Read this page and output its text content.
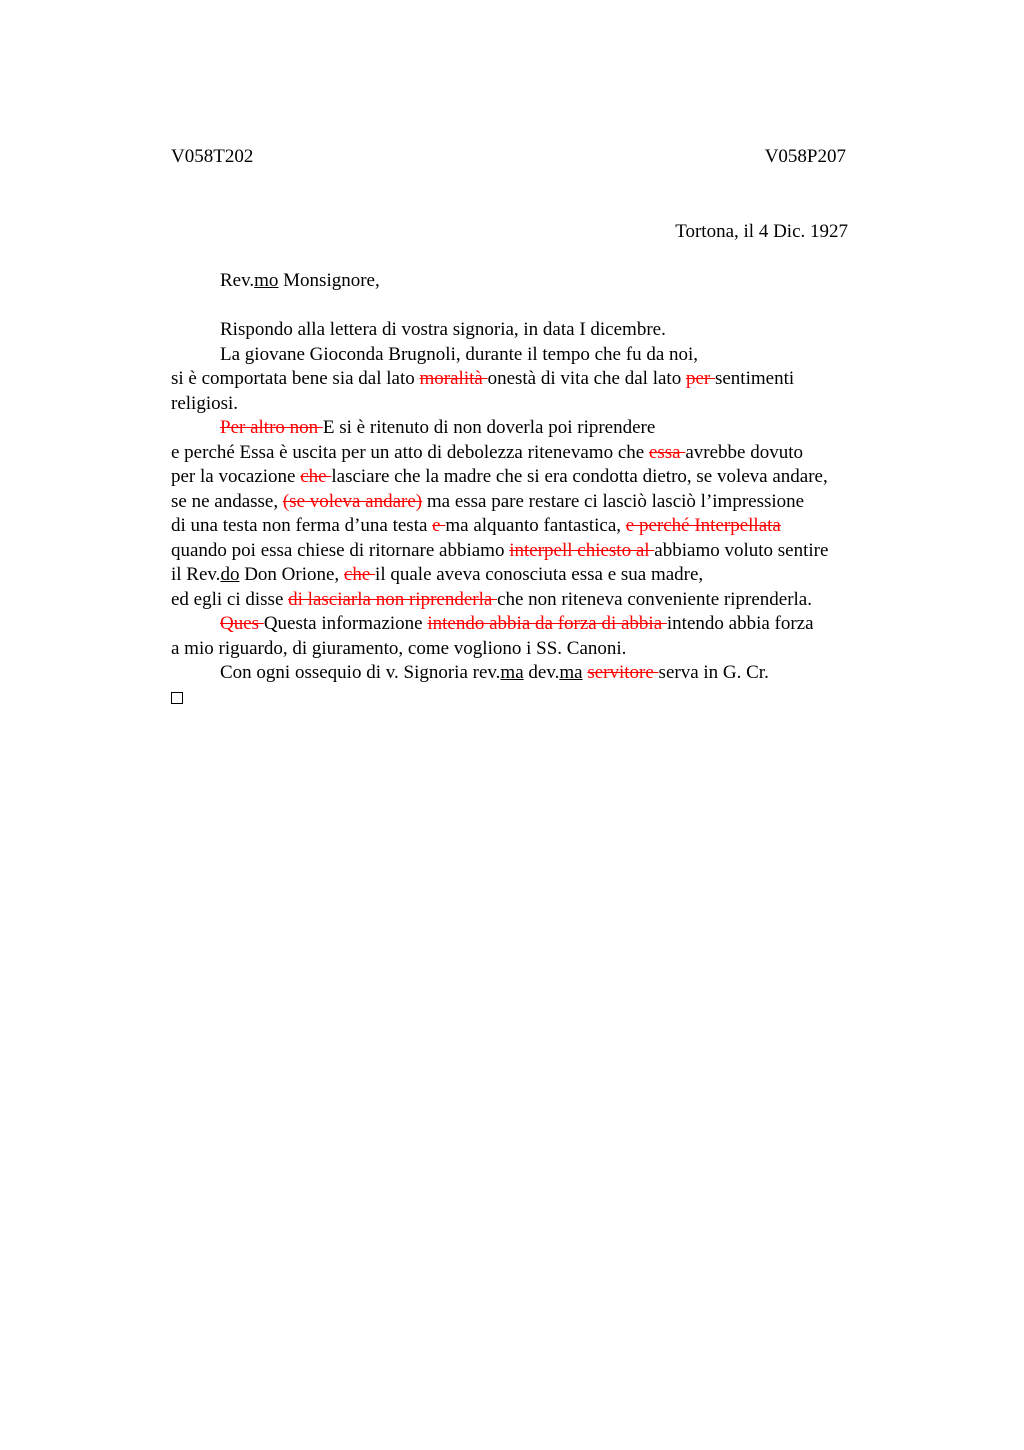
V058T202	V058P207
Tortona, il 4 Dic. 1927
Rev.mo Monsignore,
Rispondo alla lettera di vostra signoria, in data I dicembre.
La giovane Gioconda Brugnoli, durante il tempo che fu da noi,
si è comportata bene sia dal lato moralità onestà di vita che dal lato per sentimenti
religiosi.
Per altro non E si è ritenuto di non doverla poi riprendere
e perché Essa è uscita per un atto di debolezza ritenevamo che essa avrebbe dovuto
per la vocazione che lasciare che la madre che si era condotta dietro, se voleva andare,
se ne andasse, (se voleva andare) ma essa pare restare ci lasciò lasciò l’impressione
di una testa non ferma d’una testa e ma alquanto fantastica, e perché Interpellata
quando poi essa chiese di ritornare abbiamo interpell chiesto al abbiamo voluto sentire
il Rev.do Don Orione, che il quale aveva conosciuta essa e sua madre,
ed egli ci disse di lasciarla non riprenderla che non riteneva conveniente riprenderla.
Ques Questa informazione intendo abbia da forza di abbia intendo abbia forza
a mio riguardo, di giuramento, come vogliono i SS. Canoni.
Con ogni ossequio di v. Signoria rev.ma dev.ma servitore serva in G. Cr.
